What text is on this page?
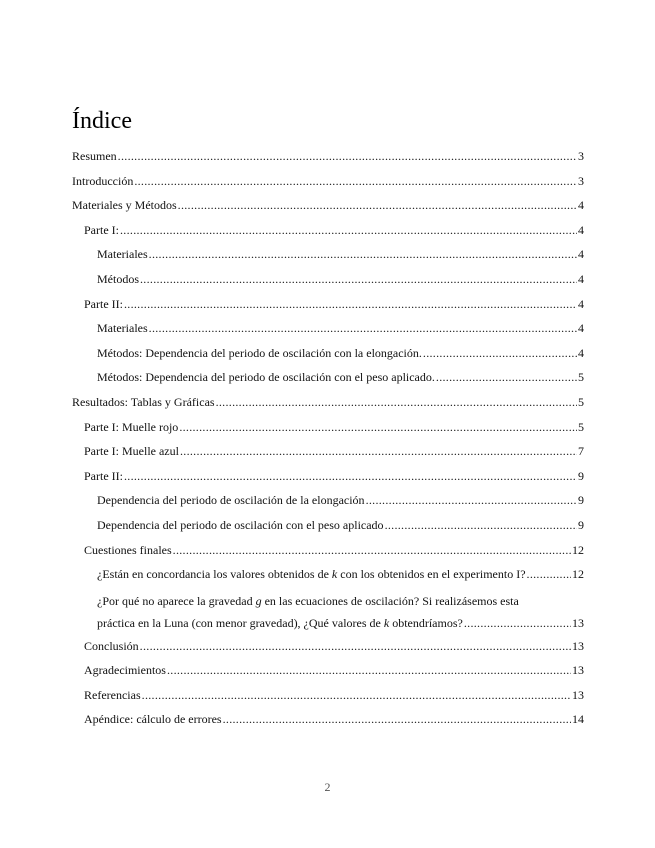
Índice
Resumen .....	3
Introducción .....	3
Materiales y Métodos .....	4
Parte I: .....	4
Materiales .....	4
Métodos .....	4
Parte II: .....	4
Materiales .....	4
Métodos: Dependencia del periodo de oscilación con la elongación. .....	4
Métodos: Dependencia del periodo de oscilación con el peso aplicado. .....	5
Resultados: Tablas y Gráficas .....	5
Parte I: Muelle rojo .....	5
Parte I: Muelle azul .....	7
Parte II: .....	9
Dependencia del periodo de oscilación de la elongación .....	9
Dependencia del periodo de oscilación con el peso aplicado .....	9
Cuestiones finales .....	12
¿Están en concordancia los valores obtenidos de k con los obtenidos en el experimento I? .....	12
¿Por qué no aparece la gravedad g en las ecuaciones de oscilación? Si realizásemos esta
práctica en la Luna (con menor gravedad), ¿Qué valores de k obtendríamos? .....	13
Conclusión .....	13
Agradecimientos .....	13
Referencias .....	13
Apéndice: cálculo de errores .....	14
2
